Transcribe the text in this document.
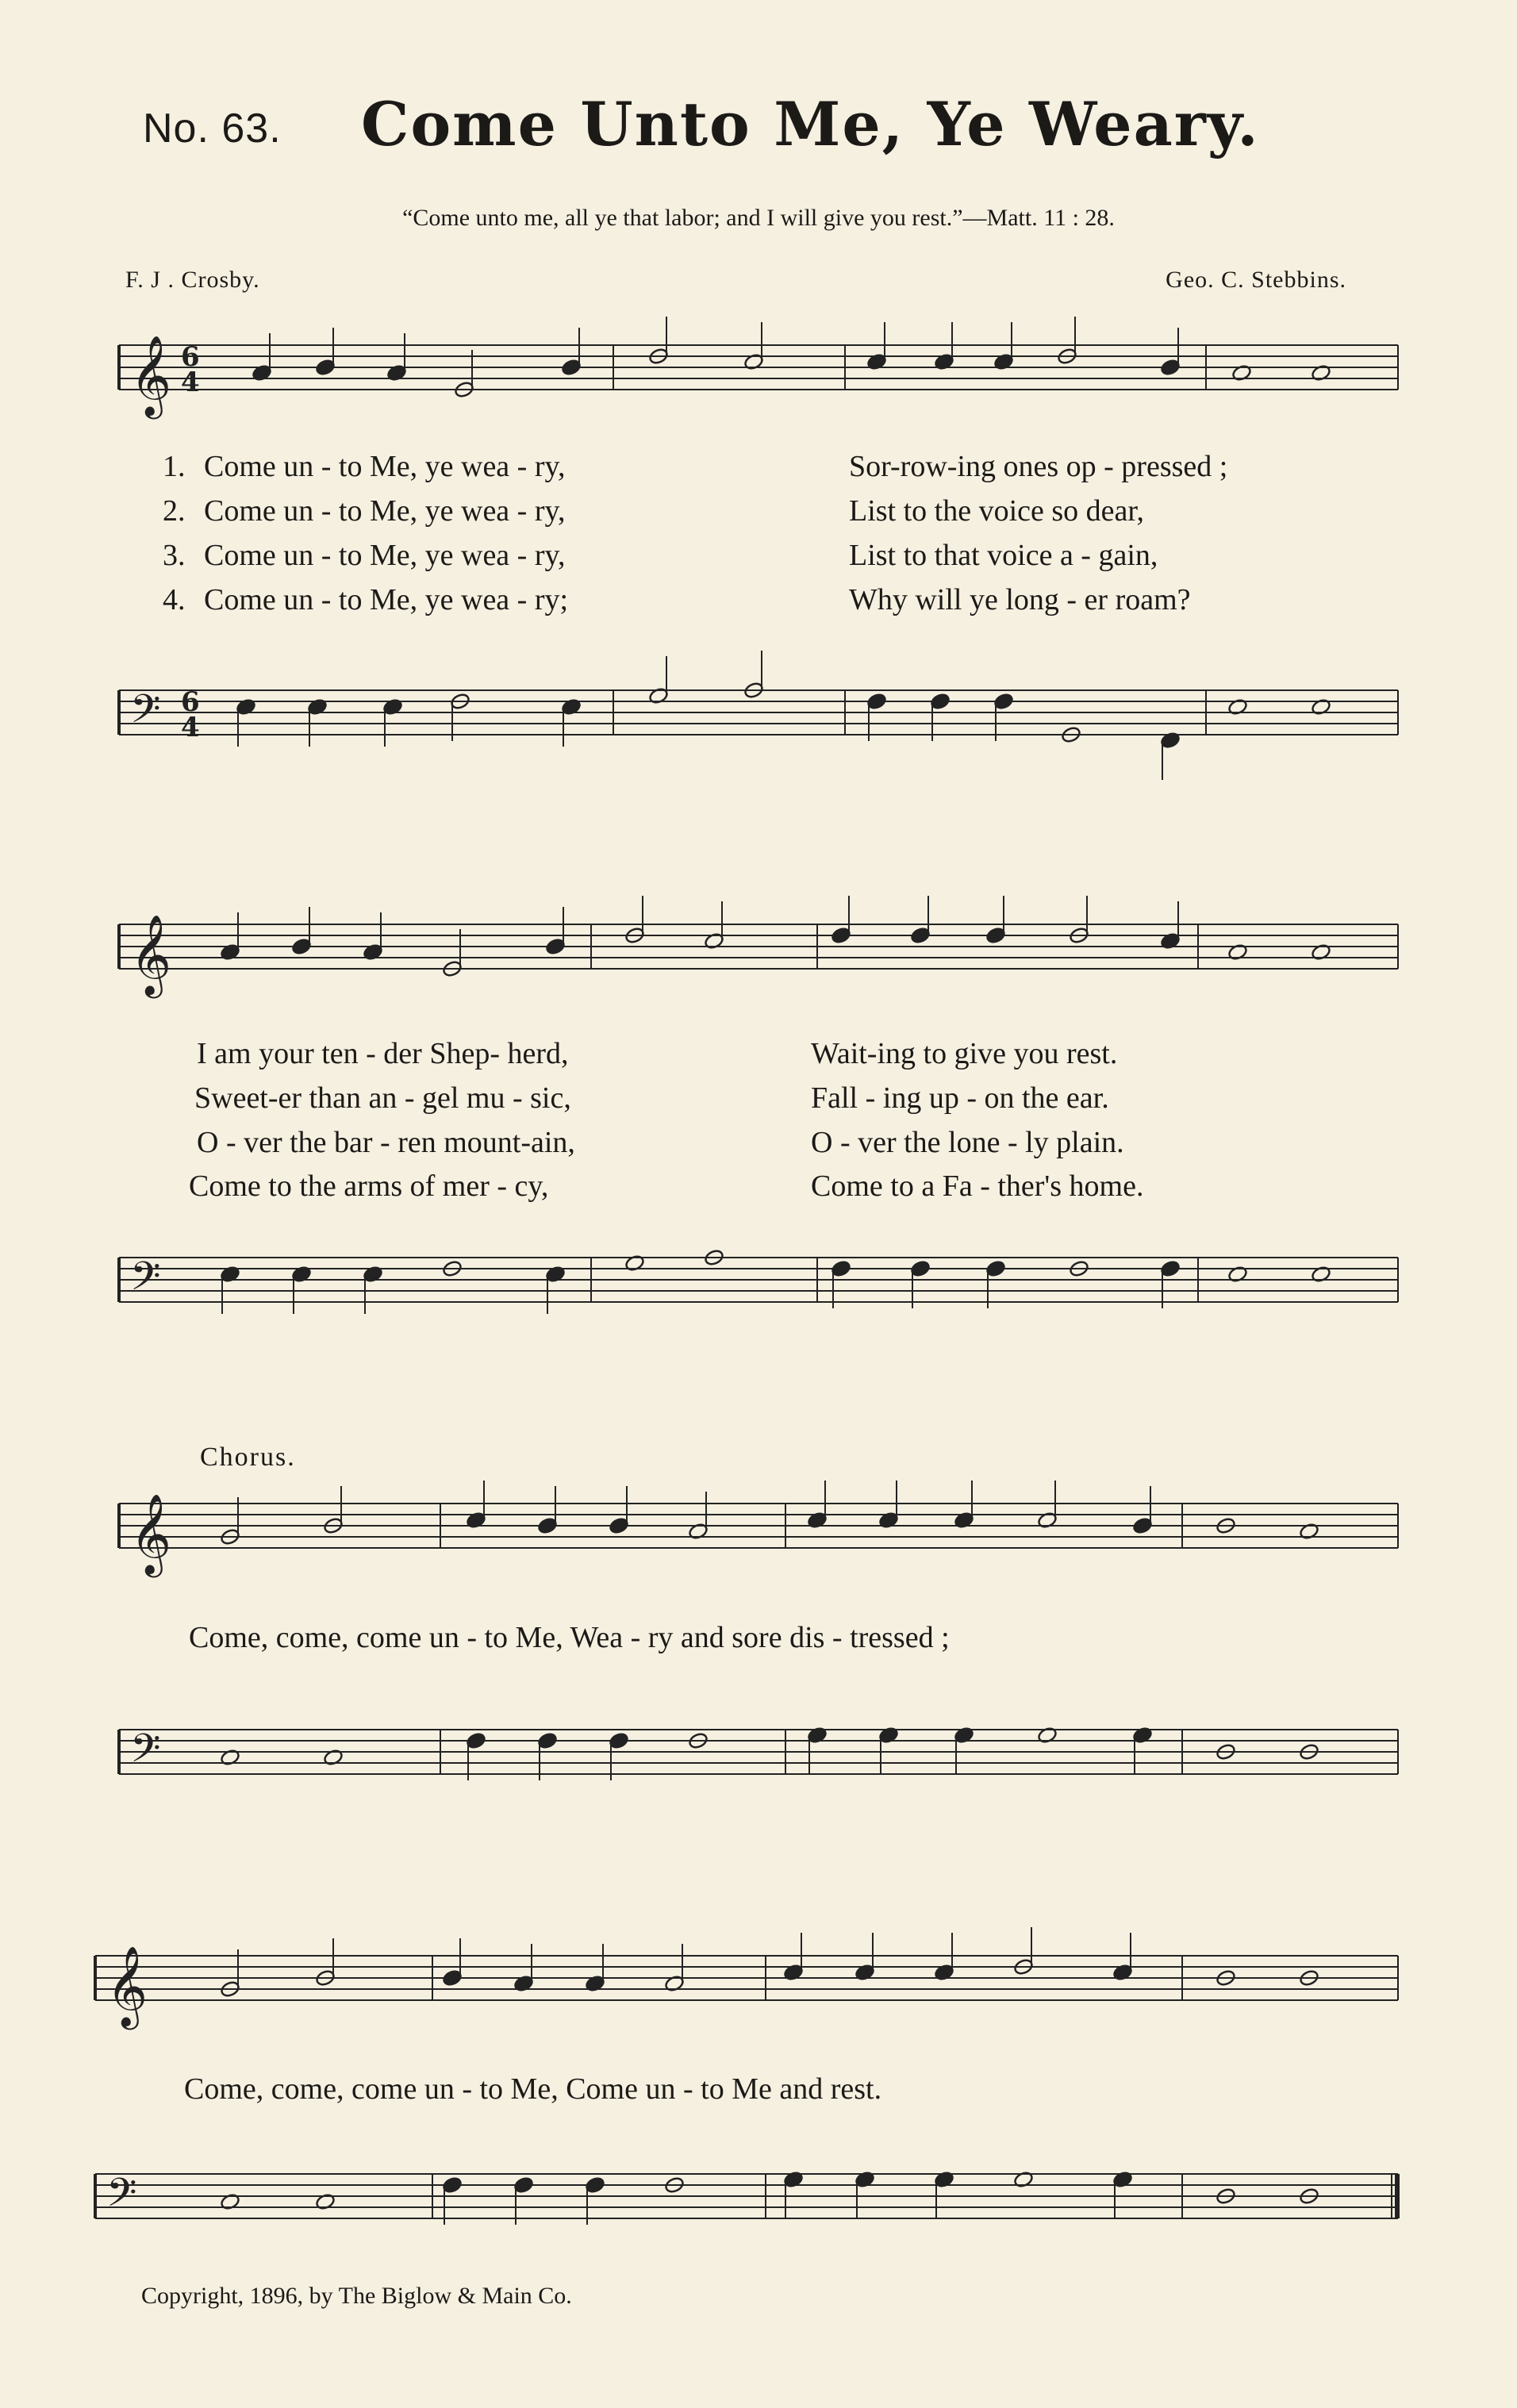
No. 63. Come Unto Me, Ye Weary.
“Come unto me, all ye that labor; and I will give you rest.”—Matt. 11 : 28.
F. J . Crosby.	Geo. C. Stebbins.
𝄞 6
4
1. Come un - to Me, ye wea - ry,	Sor-row-ing ones op - pressed ;
2. Come un - to Me, ye wea - ry,	List to the voice so dear,
3. Come un - to Me, ye wea - ry,	List to that voice a - gain,
4. Come un - to Me, ye wea - ry;	Why will ye long - er roam?
𝄢 6
4
𝄞
I am your ten - der Shep- herd,	Wait-ing to give you rest.
Sweet-er than an - gel mu - sic,	Fall - ing up - on the ear.
O - ver the bar - ren mount-ain,	O - ver the lone - ly plain.
Come to the arms of mer - cy,	Come to a Fa - ther's home.
𝄢
Chorus.
𝄞
Come, come, come un - to Me, Wea - ry and sore dis - tressed ;
𝄢
𝄞
Come, come, come un - to Me, Come un - to Me and rest.
𝄢
Copyright, 1896, by The Biglow & Main Co.
